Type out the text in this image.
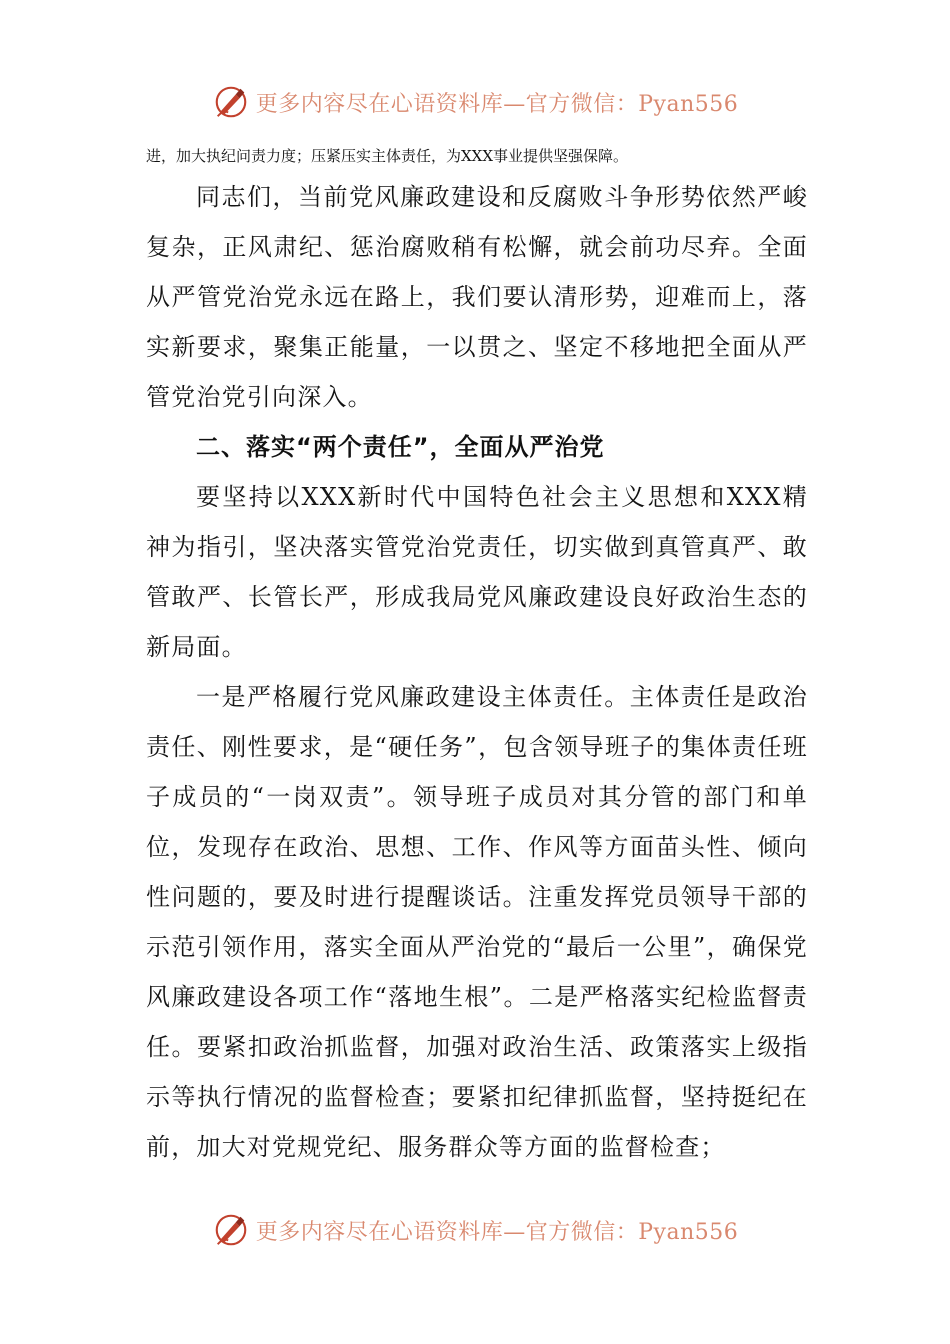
更多内容尽在心语资料库—官方微信：Pyan556
进，加大执纪问责力度；压紧压实主体责任，为XXX事业提供坚强保障。

同志们，当前党风廉政建设和反腐败斗争形势依然严峻复杂，正风肃纪、惩治腐败稍有松懈，就会前功尽弃。全面从严管党治党永远在路上，我们要认清形势，迎难而上，落实新要求，聚集正能量，一以贯之、坚定不移地把全面从严管党治党引向深入。

二、落实“两个责任”，全面从严治党

要坚持以XXX新时代中国特色社会主义思想和XXX精神为指引，坚决落实管党治党责任，切实做到真管真严、敢管敢严、长管长严，形成我局党风廉政建设良好政治生态的新局面。

一是严格履行党风廉政建设主体责任。主体责任是政治责任、刚性要求，是“硬任务”，包含领导班子的集体责任班子成员的“一岗双责”。领导班子成员对其分管的部门和单位，发现存在政治、思想、工作、作风等方面苗头性、倾向性问题的，要及时进行提醒谈话。注重发挥党员领导干部的示范引领作用，落实全面从严治党的“最后一公里”，确保党风廉政建设各项工作“落地生根”。二是严格落实纪检监督责任。要紧扣政治抓监督，加强对政治生活、政策落实上级指示等执行情况的监督检查；要紧扣纪律抓监督，坚持挺纪在前，加大对党规党纪、服务群众等方面的监督检查；

更多内容尽在心语资料库—官方微信：Pyan556
